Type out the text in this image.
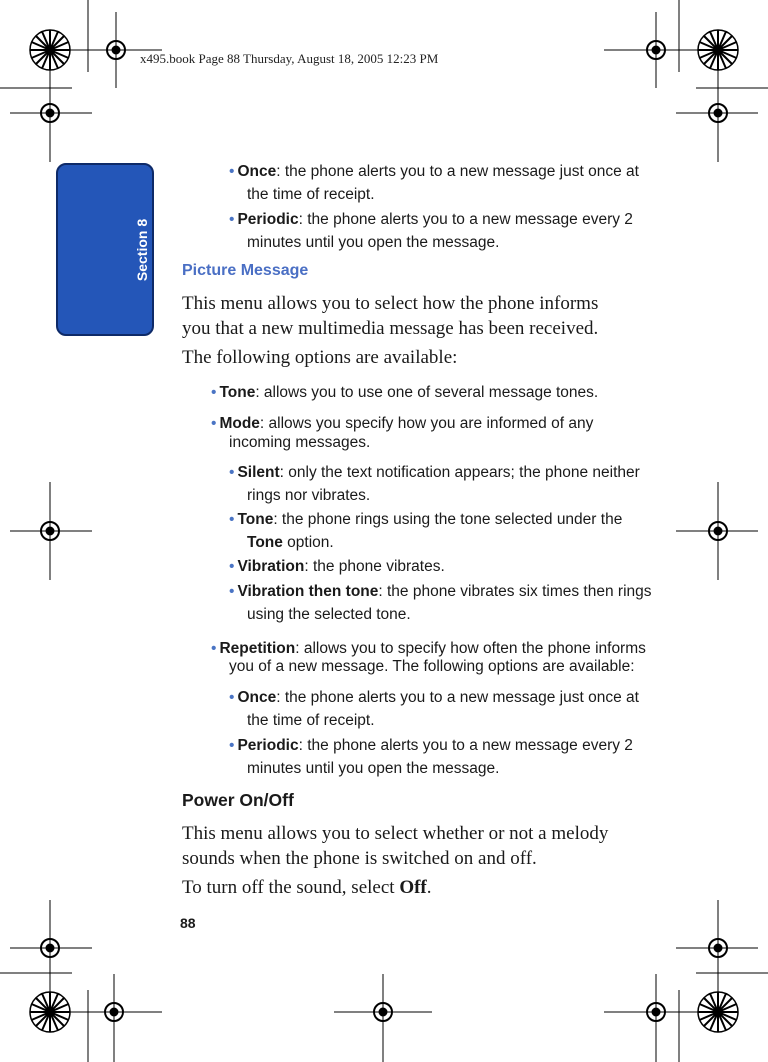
x495.book Page 88 Thursday, August 18, 2005 12:23 PM
Section 8
• Once: the phone alerts you to a new message just once at
the time of receipt.
• Periodic: the phone alerts you to a new message every 2
minutes until you open the message.
Picture Message
This menu allows you to select how the phone informs
you that a new multimedia message has been received.
The following options are available:
• Tone: allows you to use one of several message tones.
• Mode: allows you specify how you are informed of any
incoming messages.
• Silent: only the text notification appears; the phone neither
rings nor vibrates.
• Tone: the phone rings using the tone selected under the
Tone option.
• Vibration: the phone vibrates.
• Vibration then tone: the phone vibrates six times then rings
using the selected tone.
• Repetition: allows you to specify how often the phone informs
you of a new message. The following options are available:
• Once: the phone alerts you to a new message just once at
the time of receipt.
• Periodic: the phone alerts you to a new message every 2
minutes until you open the message.
Power On/Off
This menu allows you to select whether or not a melody
sounds when the phone is switched on and off.
To turn off the sound, select Off.
88
